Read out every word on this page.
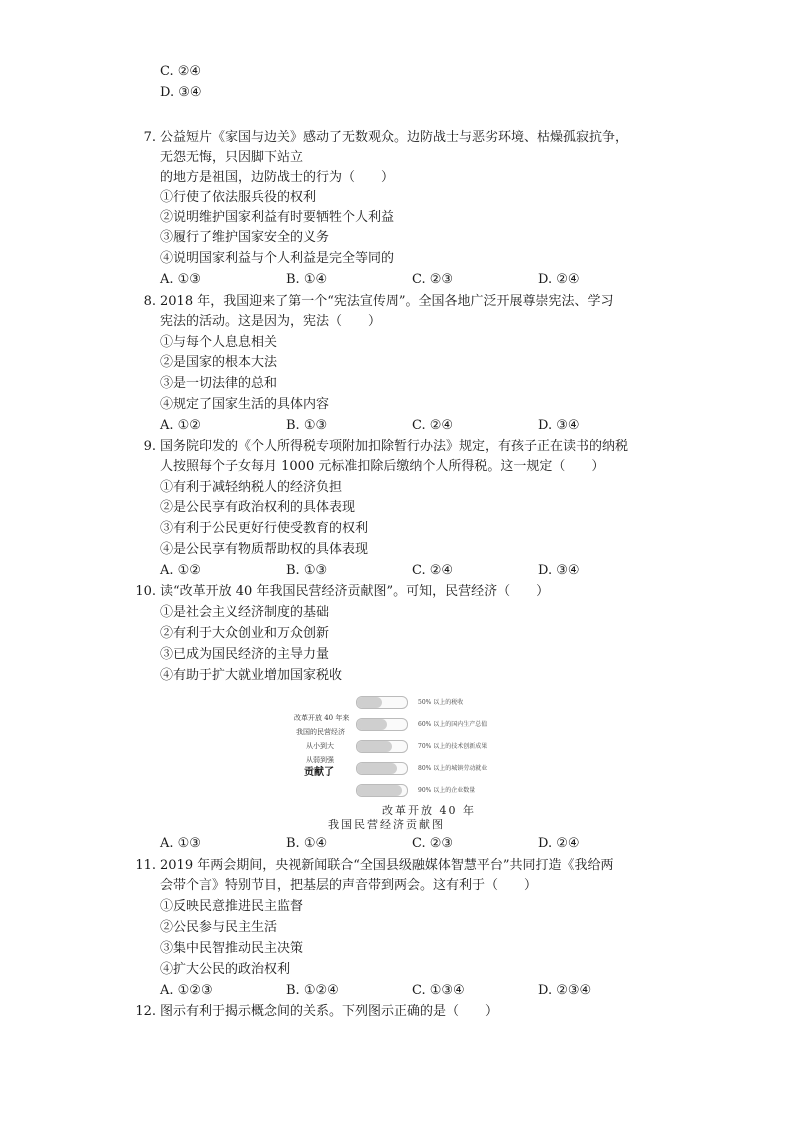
C. ②④
D. ③④
7. 公益短片《家国与边关》感动了无数观众。边防战士与恶劣环境、枯燥孤寂抗争，
无怨无悔，只因脚下站立
的地方是祖国，边防战士的行为（　　）
①行使了依法服兵役的权利
②说明维护国家利益有时要牺牲个人利益
③履行了维护国家安全的义务
④说明国家利益与个人利益是完全等同的
A. ①③	B. ①④	C. ②③	D. ②④
8. 2018 年，我国迎来了第一个“宪法宣传周”。全国各地广泛开展尊崇宪法、学习
宪法的活动。这是因为，宪法（　　）
①与每个人息息相关
②是国家的根本大法
③是一切法律的总和
④规定了国家生活的具体内容
A. ①②	B. ①③	C. ②④	D. ③④
9. 国务院印发的《个人所得税专项附加扣除暂行办法》规定，有孩子正在读书的纳税
人按照每个子女每月 1000 元标准扣除后缴纳个人所得税。这一规定（　　）
①有利于减轻纳税人的经济负担
②是公民享有政治权利的具体表现
③有利于公民更好行使受教育的权利
④是公民享有物质帮助权的具体表现
A. ①②	B. ①③	C. ②④	D. ③④
10. 读“改革开放 40 年我国民营经济贡献图”。可知，民营经济（　　）
①是社会主义经济制度的基础
②有利于大众创业和万众创新
③已成为国民经济的主导力量
④有助于扩大就业增加国家税收
改革开放 40 年来
我国的民营经济
从小到大
从弱到强
贡献了
50% 以上的税收
60% 以上的国内生产总值
70% 以上的技术创新成果
80% 以上的城镇劳动就业
90% 以上的企业数量
改革开放 40 年
我国民营经济贡献图
A. ①③	B. ①④	C. ②③	D. ②④
11. 2019 年两会期间，央视新闻联合“全国县级融媒体智慧平台”共同打造《我给两
会带个言》特别节目，把基层的声音带到两会。这有利于（　　）
①反映民意推进民主监督
②公民参与民主生活
③集中民智推动民主决策
④扩大公民的政治权利
A. ①②③	B. ①②④	C. ①③④	D. ②③④
12. 图示有利于揭示概念间的关系。下列图示正确的是（　　）
